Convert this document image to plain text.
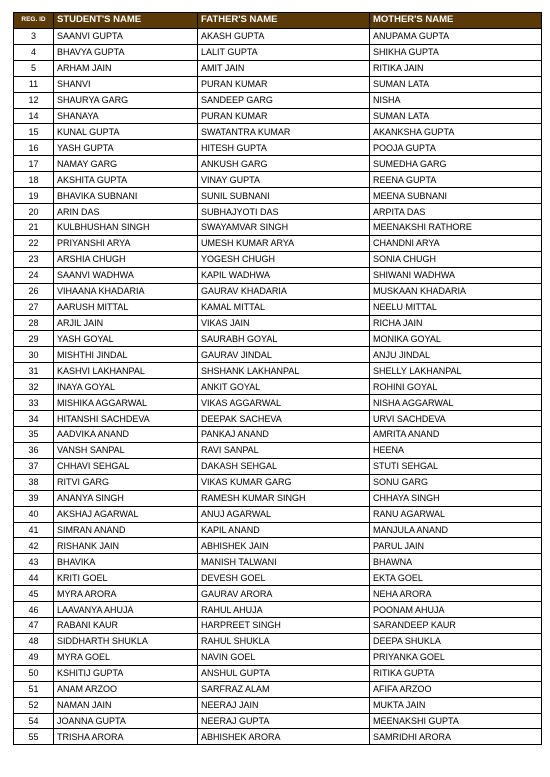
REG. ID	STUDENT'S NAME	FATHER'S NAME	MOTHER'S NAME
3	SAANVI GUPTA	AKASH GUPTA	ANUPAMA GUPTA
4	BHAVYA GUPTA	LALIT GUPTA	SHIKHA GUPTA
5	ARHAM JAIN	AMIT JAIN	RITIKA JAIN
11	SHANVI	PURAN KUMAR	SUMAN LATA
12	SHAURYA GARG	SANDEEP GARG	NISHA
14	SHANAYA	PURAN KUMAR	SUMAN LATA
15	KUNAL GUPTA	SWATANTRA KUMAR	AKANKSHA GUPTA
16	YASH GUPTA	HITESH GUPTA	POOJA GUPTA
17	NAMAY GARG	ANKUSH GARG	SUMEDHA GARG
18	AKSHITA GUPTA	VINAY GUPTA	REENA GUPTA
19	BHAVIKA SUBNANI	SUNIL SUBNANI	MEENA SUBNANI
20	ARIN DAS	SUBHAJYOTI DAS	ARPITA DAS
21	KULBHUSHAN SINGH	SWAYAMVAR SINGH	MEENAKSHI RATHORE
22	PRIYANSHI ARYA	UMESH KUMAR ARYA	CHANDNI ARYA
23	ARSHIA CHUGH	YOGESH CHUGH	SONIA CHUGH
24	SAANVI WADHWA	KAPIL WADHWA	SHIWANI WADHWA
26	VIHAANA KHADARIA	GAURAV KHADARIA	MUSKAAN KHADARIA
27	AARUSH MITTAL	KAMAL MITTAL	NEELU MITTAL
28	ARJIL JAIN	VIKAS JAIN	RICHA JAIN
29	YASH GOYAL	SAURABH GOYAL	MONIKA GOYAL
30	MISHTHI JINDAL	GAURAV JINDAL	ANJU JINDAL
31	KASHVI LAKHANPAL	SHSHANK LAKHANPAL	SHELLY LAKHANPAL
32	INAYA GOYAL	ANKIT GOYAL	ROHINI GOYAL
33	MISHIKA AGGARWAL	VIKAS AGGARWAL	NISHA AGGARWAL
34	HITANSHI SACHDEVA	DEEPAK SACHEVA	URVI SACHDEVA
35	AADVIKA ANAND	PANKAJ ANAND	AMRITA ANAND
36	VANSH SANPAL	RAVI SANPAL	HEENA
37	CHHAVI SEHGAL	DAKASH SEHGAL	STUTI SEHGAL
38	RITVI GARG	VIKAS KUMAR GARG	SONU GARG
39	ANANYA SINGH	RAMESH KUMAR SINGH	CHHAYA SINGH
40	AKSHAJ AGARWAL	ANUJ AGARWAL	RANU AGARWAL
41	SIMRAN ANAND	KAPIL ANAND	MANJULA ANAND
42	RISHANK JAIN	ABHISHEK JAIN	PARUL JAIN
43	BHAVIKA	MANISH TALWANI	BHAWNA
44	KRITI GOEL	DEVESH GOEL	EKTA GOEL
45	MYRA ARORA	GAURAV ARORA	NEHA ARORA
46	LAAVANYA AHUJA	RAHUL AHUJA	POONAM AHUJA
47	RABANI KAUR	HARPREET SINGH	SARANDEEP KAUR
48	SIDDHARTH SHUKLA	RAHUL SHUKLA	DEEPA SHUKLA
49	MYRA GOEL	NAVIN GOEL	PRIYANKA GOEL
50	KSHITIJ GUPTA	ANSHUL GUPTA	RITIKA GUPTA
51	ANAM ARZOO	SARFRAZ ALAM	AFIFA ARZOO
52	NAMAN JAIN	NEERAJ JAIN	MUKTA JAIN
54	JOANNA GUPTA	NEERAJ GUPTA	MEENAKSHI GUPTA
55	TRISHA ARORA	ABHISHEK ARORA	SAMRIDHI ARORA
